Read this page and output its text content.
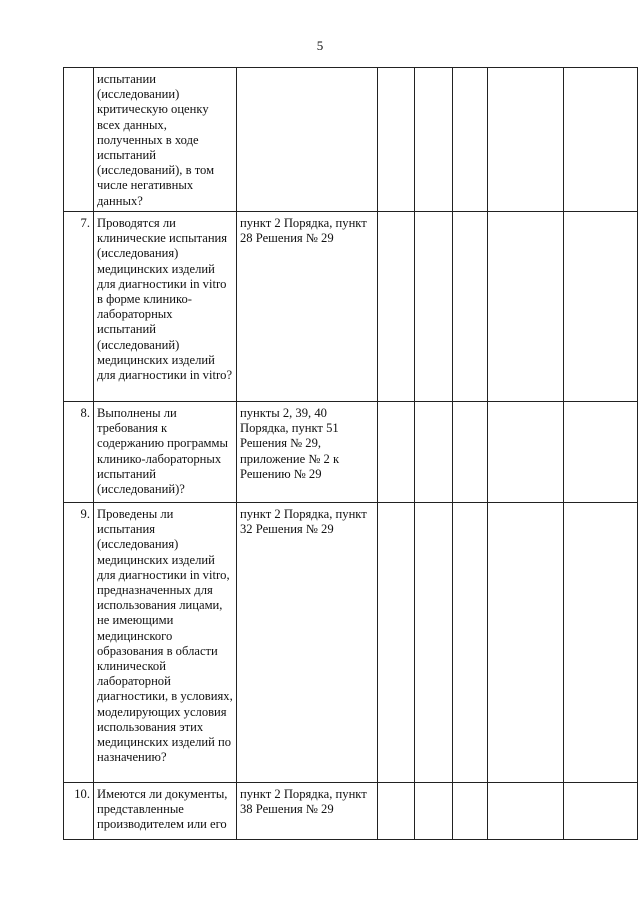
5
	испытании (исследовании) критическую оценку всех данных, полученных в ходе испытаний (исследований), в том числе негативных данных?						
7.	Проводятся ли клинические испытания (исследования) медицинских изделий для диагностики in vitro в форме клинико-лабораторных испытаний (исследований) медицинских изделий для диагностики in vitro?	пункт 2 Порядка, пункт 28 Решения № 29					
8.	Выполнены ли требования к содержанию программы клинико-лабораторных испытаний (исследований)?	пункты 2, 39, 40 Порядка, пункт 51 Решения № 29, приложение № 2 к Решению № 29					
9.	Проведены ли испытания (исследования) медицинских изделий для диагностики in vitro, предназначенных для использования лицами, не имеющими медицинского образования в области клинической лабораторной диагностики, в условиях, моделирующих условия использования этих медицинских изделий по назначению?	пункт 2 Порядка, пункт 32 Решения № 29					
10.	Имеются ли документы, представленные производителем или его	пункт 2 Порядка, пункт 38 Решения № 29					
